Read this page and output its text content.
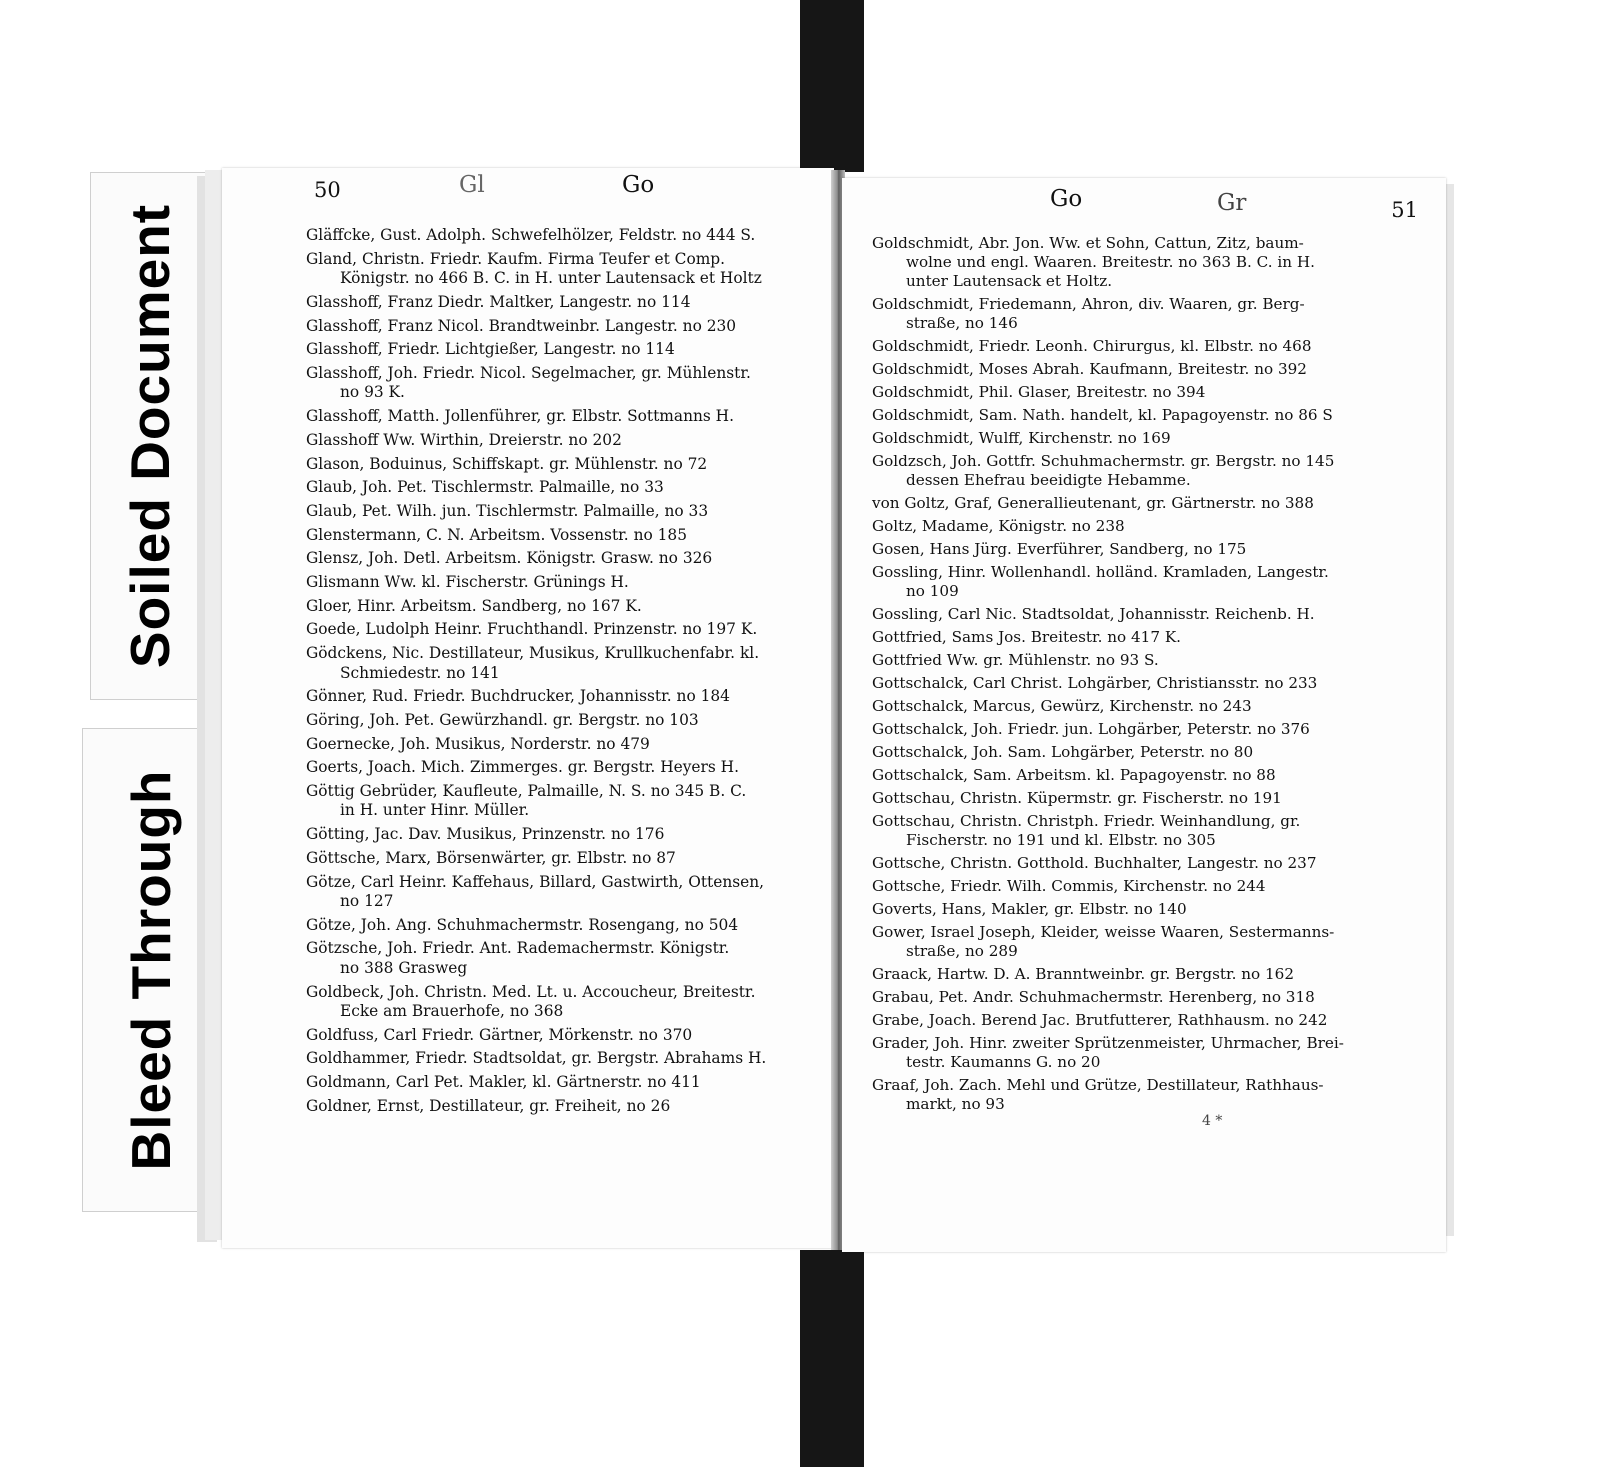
Soiled Document
Bleed Through
50	Gl	Go
Gläffcke, Gust. Adolph. Schwefelhölzer, Feldstr. no 444 S.
Gland, Christn. Friedr. Kaufm. Firma Teufer et Comp.
Königstr. no 466 B. C. in H. unter Lautensack et Holtz
Glasshoff, Franz Diedr. Maltker, Langestr. no 114
Glasshoff, Franz Nicol. Brandtweinbr. Langestr. no 230
Glasshoff, Friedr. Lichtgießer, Langestr. no 114
Glasshoff, Joh. Friedr. Nicol. Segelmacher, gr. Mühlenstr.
no 93 K.
Glasshoff, Matth. Jollenführer, gr. Elbstr. Sottmanns H.
Glasshoff Ww. Wirthin, Dreierstr. no 202
Glason, Boduinus, Schiffskapt. gr. Mühlenstr. no 72
Glaub, Joh. Pet. Tischlermstr. Palmaille, no 33
Glaub, Pet. Wilh. jun. Tischlermstr. Palmaille, no 33
Glenstermann, C. N. Arbeitsm. Vossenstr. no 185
Glensz, Joh. Detl. Arbeitsm. Königstr. Grasw. no 326
Glismann Ww. kl. Fischerstr. Grünings H.
Gloer, Hinr. Arbeitsm. Sandberg, no 167 K.
Goede, Ludolph Heinr. Fruchthandl. Prinzenstr. no 197 K.
Gödckens, Nic. Destillateur, Musikus, Krullkuchenfabr. kl.
Schmiedestr. no 141
Gönner, Rud. Friedr. Buchdrucker, Johannisstr. no 184
Göring, Joh. Pet. Gewürzhandl. gr. Bergstr. no 103
Goernecke, Joh. Musikus, Norderstr. no 479
Goerts, Joach. Mich. Zimmerges. gr. Bergstr. Heyers H.
Göttig Gebrüder, Kaufleute, Palmaille, N. S. no 345 B. C.
in H. unter Hinr. Müller.
Götting, Jac. Dav. Musikus, Prinzenstr. no 176
Göttsche, Marx, Börsenwärter, gr. Elbstr. no 87
Götze, Carl Heinr. Kaffehaus, Billard, Gastwirth, Ottensen,
no 127
Götze, Joh. Ang. Schuhmachermstr. Rosengang, no 504
Götzsche, Joh. Friedr. Ant. Rademachermstr. Königstr.
no 388 Grasweg
Goldbeck, Joh. Christn. Med. Lt. u. Accoucheur, Breitestr.
Ecke am Brauerhofe, no 368
Goldfuss, Carl Friedr. Gärtner, Mörkenstr. no 370
Goldhammer, Friedr. Stadtsoldat, gr. Bergstr. Abrahams H.
Goldmann, Carl Pet. Makler, kl. Gärtnerstr. no 411
Goldner, Ernst, Destillateur, gr. Freiheit, no 26
Go	Gr	51
Goldschmidt, Abr. Jon. Ww. et Sohn, Cattun, Zitz, baum-
wolne und engl. Waaren. Breitestr. no 363 B. C. in H.
unter Lautensack et Holtz.
Goldschmidt, Friedemann, Ahron, div. Waaren, gr. Berg-
straße, no 146
Goldschmidt, Friedr. Leonh. Chirurgus, kl. Elbstr. no 468
Goldschmidt, Moses Abrah. Kaufmann, Breitestr. no 392
Goldschmidt, Phil. Glaser, Breitestr. no 394
Goldschmidt, Sam. Nath. handelt, kl. Papagoyenstr. no 86 S
Goldschmidt, Wulff, Kirchenstr. no 169
Goldzsch, Joh. Gottfr. Schuhmachermstr. gr. Bergstr. no 145
dessen Ehefrau beeidigte Hebamme.
von Goltz, Graf, Generallieutenant, gr. Gärtnerstr. no 388
Goltz, Madame, Königstr. no 238
Gosen, Hans Jürg. Everführer, Sandberg, no 175
Gossling, Hinr. Wollenhandl. holländ. Kramladen, Langestr.
no 109
Gossling, Carl Nic. Stadtsoldat, Johannisstr. Reichenb. H.
Gottfried, Sams Jos. Breitestr. no 417 K.
Gottfried Ww. gr. Mühlenstr. no 93 S.
Gottschalck, Carl Christ. Lohgärber, Christiansstr. no 233
Gottschalck, Marcus, Gewürz, Kirchenstr. no 243
Gottschalck, Joh. Friedr. jun. Lohgärber, Peterstr. no 376
Gottschalck, Joh. Sam. Lohgärber, Peterstr. no 80
Gottschalck, Sam. Arbeitsm. kl. Papagoyenstr. no 88
Gottschau, Christn. Küpermstr. gr. Fischerstr. no 191
Gottschau, Christn. Christph. Friedr. Weinhandlung, gr.
Fischerstr. no 191 und kl. Elbstr. no 305
Gottsche, Christn. Gotthold. Buchhalter, Langestr. no 237
Gottsche, Friedr. Wilh. Commis, Kirchenstr. no 244
Goverts, Hans, Makler, gr. Elbstr. no 140
Gower, Israel Joseph, Kleider, weisse Waaren, Sestermanns-
straße, no 289
Graack, Hartw. D. A. Branntweinbr. gr. Bergstr. no 162
Grabau, Pet. Andr. Schuhmachermstr. Herenberg, no 318
Grabe, Joach. Berend Jac. Brutfutterer, Rathhausm. no 242
Grader, Joh. Hinr. zweiter Sprützenmeister, Uhrmacher, Brei-
testr. Kaumanns G. no 20
Graaf, Joh. Zach. Mehl und Grütze, Destillateur, Rathhaus-
markt, no 93
4 *
